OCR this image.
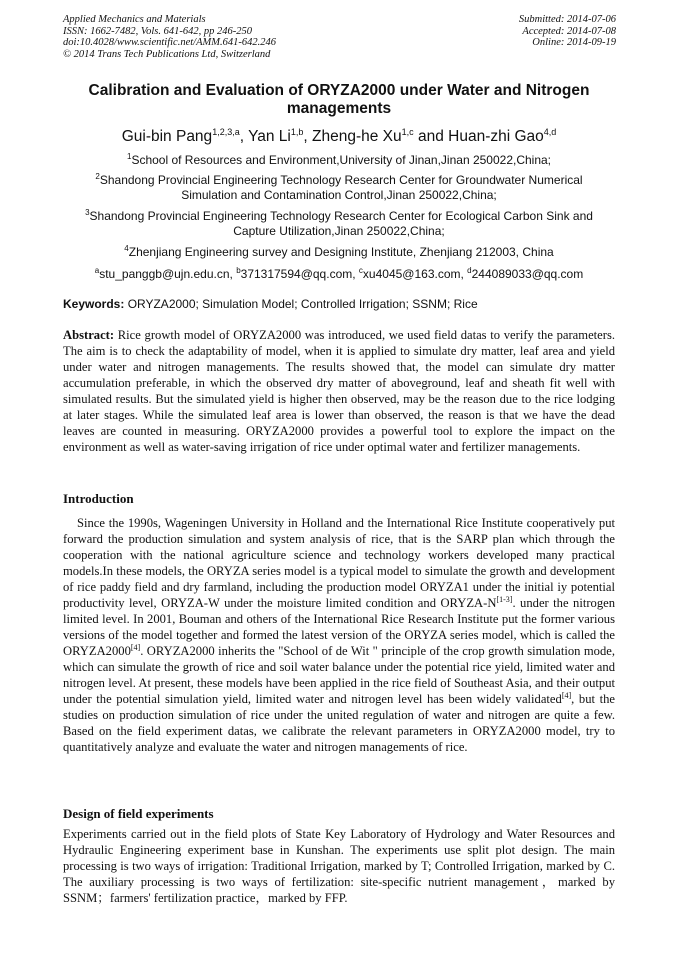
Applied Mechanics and Materials
ISSN: 1662-7482, Vols. 641-642, pp 246-250
doi:10.4028/www.scientific.net/AMM.641-642.246
© 2014 Trans Tech Publications Ltd, Switzerland
Submitted: 2014-07-06
Accepted: 2014-07-08
Online: 2014-09-19
Calibration and Evaluation of ORYZA2000 under Water and Nitrogen managements
Gui-bin Pang$^{1,2,3,a}$, Yan Li$^{1,b}$, Zheng-he Xu$^{1,c}$ and Huan-zhi Gao$^{4,d}$
$^1$School of Resources and Environment,University of Jinan,Jinan 250022,China;
$^2$Shandong Provincial Engineering Technology Research Center for Groundwater Numerical Simulation and Contamination Control,Jinan 250022,China;
$^3$Shandong Provincial Engineering Technology Research Center for Ecological Carbon Sink and Capture Utilization,Jinan 250022,China;
$^4$Zhenjiang Engineering survey and Designing Institute, Zhenjiang 212003, China
$^a$stu_panggb@ujn.edu.cn, $^b$371317594@qq.com, $^c$xu4045@163.com, $^d$244089033@qq.com
Keywords: ORYZA2000; Simulation Model; Controlled Irrigation; SSNM; Rice
Abstract: Rice growth model of ORYZA2000 was introduced, we used field datas to verify the parameters. The aim is to check the adaptability of model, when it is applied to simulate dry matter, leaf area and yield under water and nitrogen managements. The results showed that, the model can simulate dry matter accumulation preferable, in which the observed dry matter of aboveground, leaf and sheath fit well with simulated results. But the simulated yield is higher then observed, may be the reason due to the rice lodging at later stages. While the simulated leaf area is lower than observed, the reason is that we have the dead leaves are counted in measuring. ORYZA2000 provides a powerful tool to explore the impact on the environment as well as water-saving irrigation of rice under optimal water and fertilizer managements.
Introduction
Since the 1990s, Wageningen University in Holland and the International Rice Institute cooperatively put forward the production simulation and system analysis of rice, that is the SARP plan which through the cooperation with the national agriculture science and technology workers developed many practical models.In these models, the ORYZA series model is a typical model to simulate the growth and development of rice paddy field and dry farmland, including the production model ORYZA1 under the initial iy potential productivity level, ORYZA-W under the moisture limited condition and ORYZA-N[1-3]. under the nitrogen limited level. In 2001, Bouman and others of the International Rice Research Institute put the former various versions of the model together and formed the latest version of the ORYZA series model, which is called the ORYZA2000[4]. ORYZA2000 inherits the "School of de Wit " principle of the crop growth simulation mode, which can simulate the growth of rice and soil water balance under the potential rice yield, limited water and nitrogen level. At present, these models have been applied in the rice field of Southeast Asia, and their output under the potential simulation yield, limited water and nitrogen level has been widely validated[4], but the studies on production simulation of rice under the united regulation of water and nitrogen are quite a few. Based on the field experiment datas, we calibrate the relevant parameters in ORYZA2000 model, try to quantitatively analyze and evaluate the water and nitrogen managements of rice.
Design of field experiments
Experiments carried out in the field plots of State Key Laboratory of Hydrology and Water Resources and Hydraulic Engineering experiment base in Kunshan. The experiments use split plot design. The main processing is two ways of irrigation: Traditional Irrigation, marked by T; Controlled Irrigation, marked by C. The auxiliary processing is two ways of fertilization: site-specific nutrient management，marked by SSNM；farmers' fertilization practice，marked by FFP.
